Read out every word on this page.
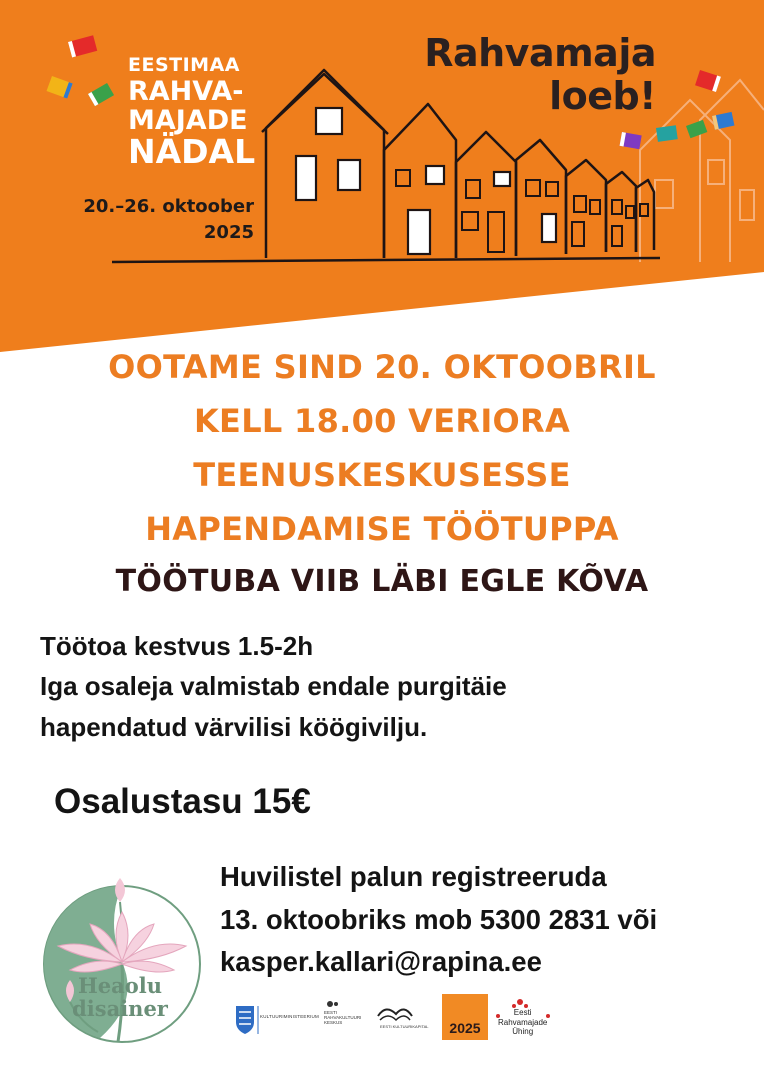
EESTIMAA
RAHVA-
MAJADE
NÄDAL
20.–26. oktoober
2025
Rahvamaja
loeb!
OOTAME SIND 20. OKTOOBRIL
KELL 18.00 VERIORA
TEENUSKESKUSESSE
HAPENDAMISE TÖÖTUPPA
TÖÖTUBA VIIB LÄBI EGLE KÕVA
Töötoa kestvus 1.5-2h
Iga osaleja valmistab endale purgitäie
hapendatud värvilisi köögivilju.
Osalustasu 15€
Heaolu
disainer
Huvilistel palun registreeruda
13. oktoobriks mob 5300 2831 või
kasper.kallari@rapina.ee
KULTUURIMINISTEERIUM
EESTI
RAHVAKULTUURI
KESKUS
EESTI KULTUURIKAPITAL	2025
Eesti
Rahvamajade
Ühing
